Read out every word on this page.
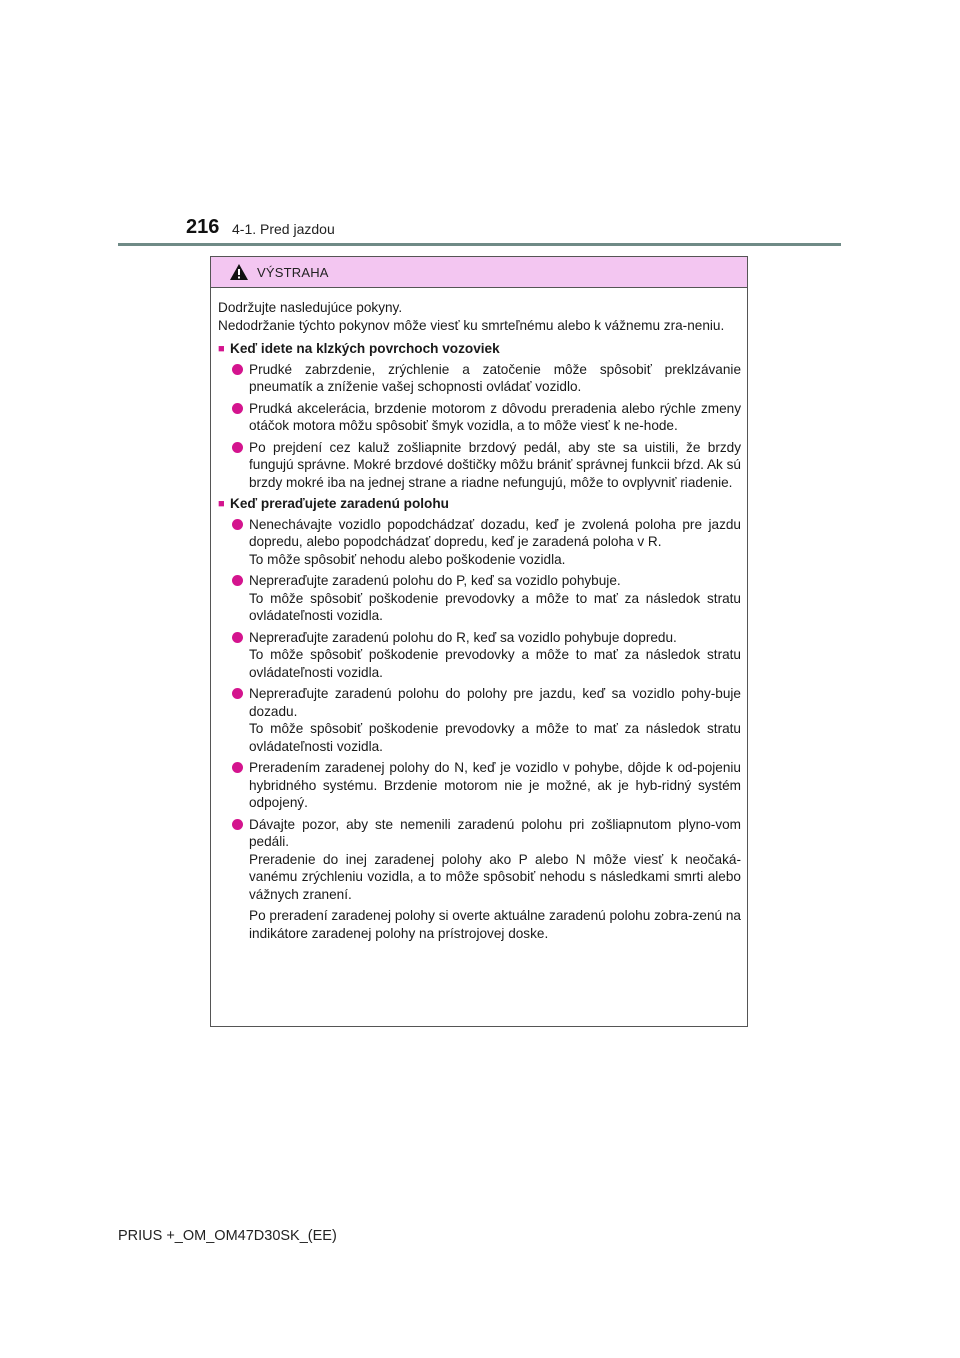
216 4-1. Pred jazdou
VÝSTRAHA

Dodržujte nasledujúce pokyny.

Nedodržanie týchto pokynov môže viesť ku smrteľnému alebo k vážnemu zra-neniu.

■ Keď idete na klzkých povrchoch vozoviek

Prudké zabrzdenie, zrýchlenie a zatočenie môže spôsobiť preklzávanie pneumatík a zníženie vašej schopnosti ovládať vozidlo.

Prudká akcelerácia, brzdenie motorom z dôvodu preradenia alebo rýchle zmeny otáčok motora môžu spôsobiť šmyk vozidla, a to môže viesť k ne-hode.

Po prejdení cez kaluž zošliapnite brzdový pedál, aby ste sa uistili, že brzdy fungujú správne. Mokré brzdové doštičky môžu brániť správnej funkcii bŕzd. Ak sú brzdy mokré iba na jednej strane a riadne nefungujú, môže to ovplyvniť riadenie.

■ Keď preraďujete zaradenú polohu

Nenechávajte vozidlo popodchádzať dozadu, keď je zvolená poloha pre jazdu dopredu, alebo popodchádzať dopredu, keď je zaradená poloha v R.

To môže spôsobiť nehodu alebo poškodenie vozidla.

Nepreraďujte zaradenú polohu do P, keď sa vozidlo pohybuje.

To môže spôsobiť poškodenie prevodovky a môže to mať za následok stratu ovládateľnosti vozidla.

Nepreraďujte zaradenú polohu do R, keď sa vozidlo pohybuje dopredu.

To môže spôsobiť poškodenie prevodovky a môže to mať za následok stratu ovládateľnosti vozidla.

Nepreraďujte zaradenú polohu do polohy pre jazdu, keď sa vozidlo pohy-buje dozadu.

To môže spôsobiť poškodenie prevodovky a môže to mať za následok stratu ovládateľnosti vozidla.

Preradením zaradenej polohy do N, keď je vozidlo v pohybe, dôjde k od-pojeniu hybridného systému. Brzdenie motorom nie je možné, ak je hyb-ridný systém odpojený.

Dávajte pozor, aby ste nemenili zaradenú polohu pri zošliapnutom plyno-vom pedáli.

Preradenie do inej zaradenej polohy ako P alebo N môže viesť k neočaká-vanému zrýchleniu vozidla, a to môže spôsobiť nehodu s následkami smrti alebo vážnych zranení.

Po preradení zaradenej polohy si overte aktuálne zaradenú polohu zobra-zenú na indikátore zaradenej polohy na prístrojovej doske.

PRIUS +_OM_OM47D30SK_(EE)
